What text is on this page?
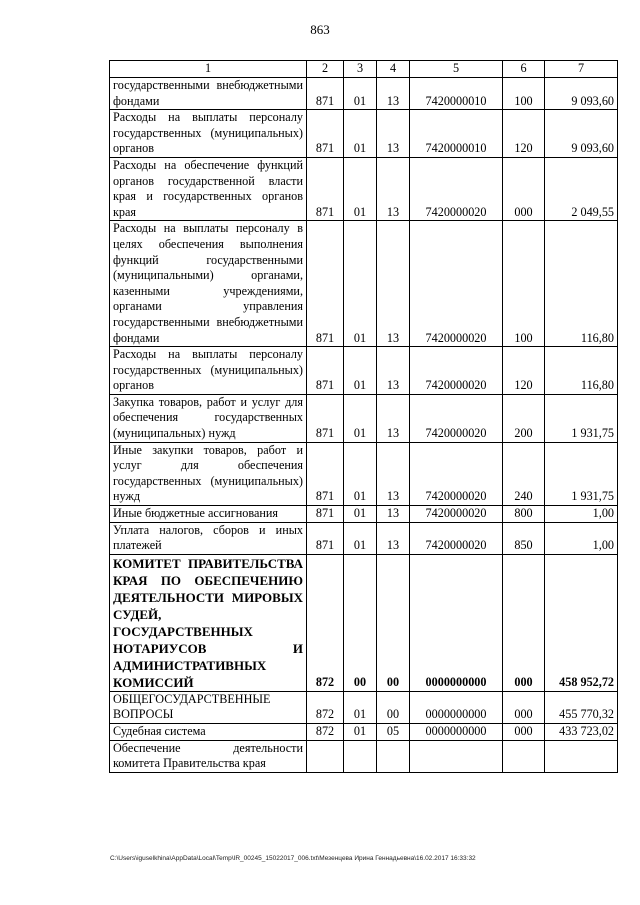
863
1	2	3	4	5	6	7
государственными внебюджетными фондами	871	01	13	7420000010	100	9 093,60
Расходы на выплаты персоналу государственных (муниципальных) органов	871	01	13	7420000010	120	9 093,60
Расходы на обеспечение функций органов государственной власти края и государственных органов края	871	01	13	7420000020	000	2 049,55
Расходы на выплаты персоналу в целях обеспечения выполнения функций государственными (муниципальными) органами, казенными учреждениями, органами управления государственными внебюджетными фондами	871	01	13	7420000020	100	116,80
Расходы на выплаты персоналу государственных (муниципальных) органов	871	01	13	7420000020	120	116,80
Закупка товаров, работ и услуг для обеспечения государственных (муниципальных) нужд	871	01	13	7420000020	200	1 931,75
Иные закупки товаров, работ и услуг для обеспечения государственных (муниципальных) нужд	871	01	13	7420000020	240	1 931,75
Иные бюджетные ассигнования	871	01	13	7420000020	800	1,00
Уплата налогов, сборов и иных платежей	871	01	13	7420000020	850	1,00
КОМИТЕТ ПРАВИТЕЛЬСТВА КРАЯ ПО ОБЕСПЕЧЕНИЮ ДЕЯТЕЛЬНОСТИ МИРОВЫХ СУДЕЙ, ГОСУДАРСТВЕННЫХ НОТАРИУСОВ И АДМИНИСТРАТИВНЫХ КОМИССИЙ	872	00	00	0000000000	000	458 952,72
ОБЩЕГОСУДАРСТВЕННЫЕ ВОПРОСЫ	872	01	00	0000000000	000	455 770,32
Судебная система	872	01	05	0000000000	000	433 723,02
Обеспечение деятельности комитета Правительства края						
C:\Users\iguselkhina\AppData\Local\Temp\IR_00245_15022017_006.txt\Мезенцева Ирина Геннадьевна\16.02.2017 16:33:32
